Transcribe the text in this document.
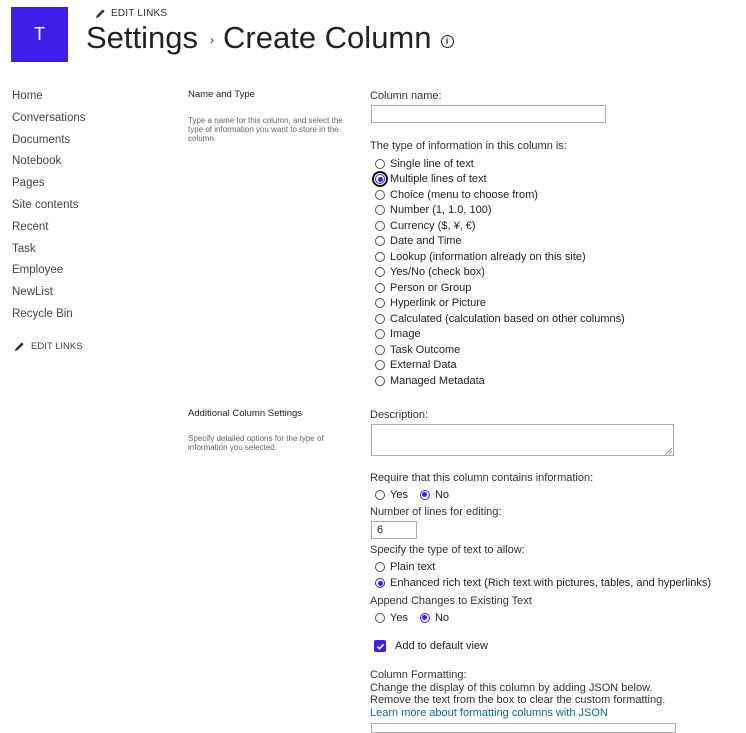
T
EDIT LINKS
Settings › Create Column	i
Home
Conversations
Documents
Notebook
Pages
Site contents
Recent
Task
Employee
NewList
Recycle Bin
EDIT LINKS
Name and Type
Type a name for this column, and select the type of information you want to store in the column.
Column name:
The type of information in this column is:
Single line of text
Multiple lines of text
Choice (menu to choose from)
Number (1, 1.0, 100)
Currency ($, ¥, €)
Date and Time
Lookup (information already on this site)
Yes/No (check box)
Person or Group
Hyperlink or Picture
Calculated (calculation based on other columns)
Image
Task Outcome
External Data
Managed Metadata
Additional Column Settings
Specify detailed options for the type of information you selected.
Description:
Require that this column contains information:
Yes No
Number of lines for editing:
6
Specify the type of text to allow:
Plain text
Enhanced rich text (Rich text with pictures, tables, and hyperlinks)
Append Changes to Existing Text
Yes No
Add to default view
Column Formatting:
Change the display of this column by adding JSON below.
Remove the text from the box to clear the custom formatting.
Learn more about formatting columns with JSON
